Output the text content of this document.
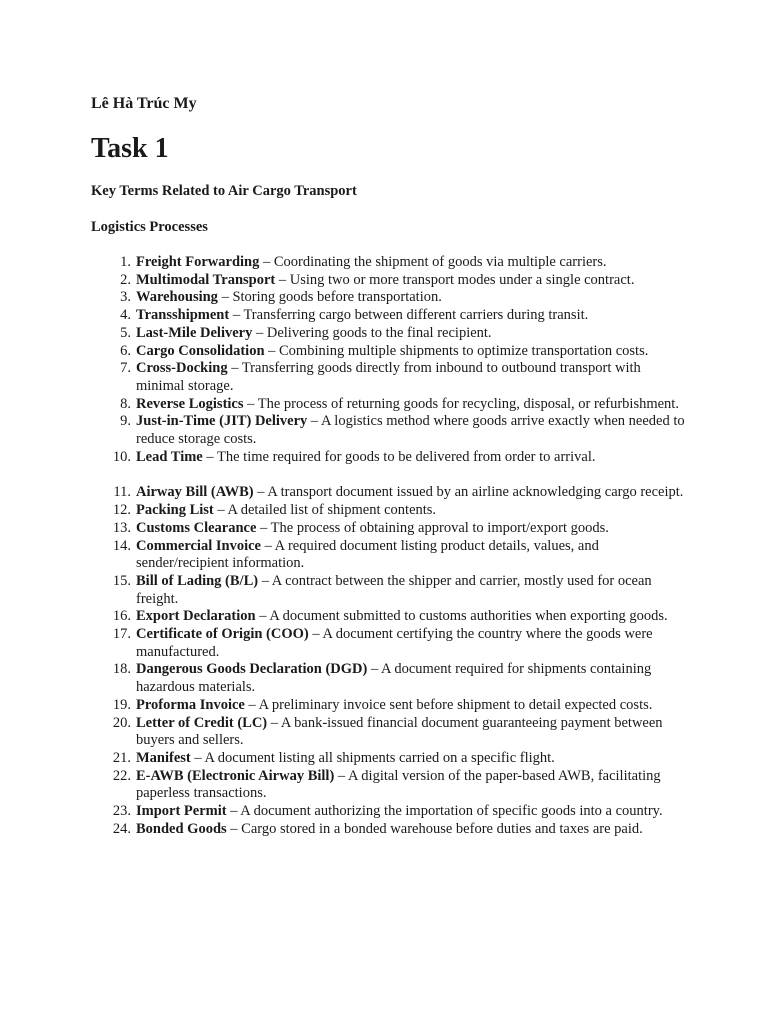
Lê Hà Trúc My

Task 1

Key Terms Related to Air Cargo Transport

Logistics Processes

1. Freight Forwarding – Coordinating the shipment of goods via multiple carriers.
2. Multimodal Transport – Using two or more transport modes under a single contract.
3. Warehousing – Storing goods before transportation.
4. Transshipment – Transferring cargo between different carriers during transit.
5. Last-Mile Delivery – Delivering goods to the final recipient.
6. Cargo Consolidation – Combining multiple shipments to optimize transportation costs.
7. Cross-Docking – Transferring goods directly from inbound to outbound transport with minimal storage.
8. Reverse Logistics – The process of returning goods for recycling, disposal, or refurbishment.
9. Just-in-Time (JIT) Delivery – A logistics method where goods arrive exactly when needed to reduce storage costs.
10. Lead Time – The time required for goods to be delivered from order to arrival.
11. Airway Bill (AWB) – A transport document issued by an airline acknowledging cargo receipt.
12. Packing List – A detailed list of shipment contents.
13. Customs Clearance – The process of obtaining approval to import/export goods.
14. Commercial Invoice – A required document listing product details, values, and sender/recipient information.
15. Bill of Lading (B/L) – A contract between the shipper and carrier, mostly used for ocean freight.
16. Export Declaration – A document submitted to customs authorities when exporting goods.
17. Certificate of Origin (COO) – A document certifying the country where the goods were manufactured.
18. Dangerous Goods Declaration (DGD) – A document required for shipments containing hazardous materials.
19. Proforma Invoice – A preliminary invoice sent before shipment to detail expected costs.
20. Letter of Credit (LC) – A bank-issued financial document guaranteeing payment between buyers and sellers.
21. Manifest – A document listing all shipments carried on a specific flight.
22. E-AWB (Electronic Airway Bill) – A digital version of the paper-based AWB, facilitating paperless transactions.
23. Import Permit – A document authorizing the importation of specific goods into a country.
24. Bonded Goods – Cargo stored in a bonded warehouse before duties and taxes are paid.
